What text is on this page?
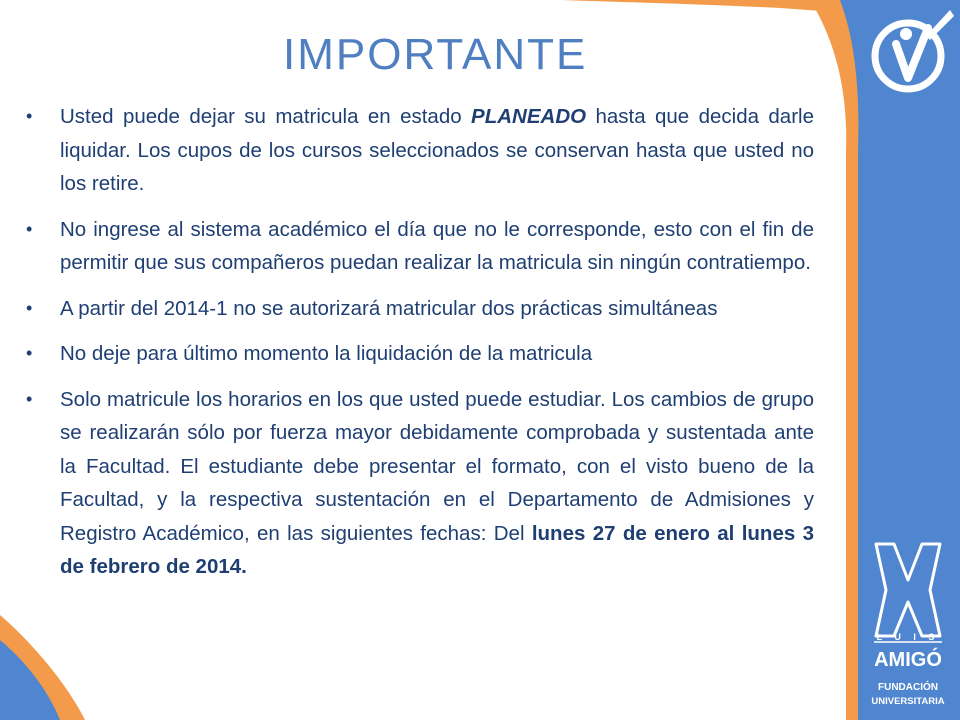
IMPORTANTE
• Usted puede dejar su matricula en estado PLANEADO hasta que decida darle liquidar. Los cupos de los cursos seleccionados se conservan hasta que usted no los retire.
• No ingrese al sistema académico el día que no le corresponde, esto con el fin de permitir que sus compañeros puedan realizar la matricula sin ningún contratiempo.
• A partir del 2014-1 no se autorizará matricular dos prácticas simultáneas
• No deje para último momento la liquidación de la matricula
• Solo matricule los horarios en los que usted puede estudiar. Los cambios de grupo se realizarán sólo por fuerza mayor debidamente comprobada y sustentada ante la Facultad. El estudiante debe presentar el formato, con el visto bueno de la Facultad, y la respectiva sustentación en el Departamento de Admisiones y Registro Académico, en las siguientes fechas: Del lunes 27 de enero al lunes 3 de febrero de 2014.
L U I S
AMIGÓ
FUNDACIÓN
UNIVERSITARIA
